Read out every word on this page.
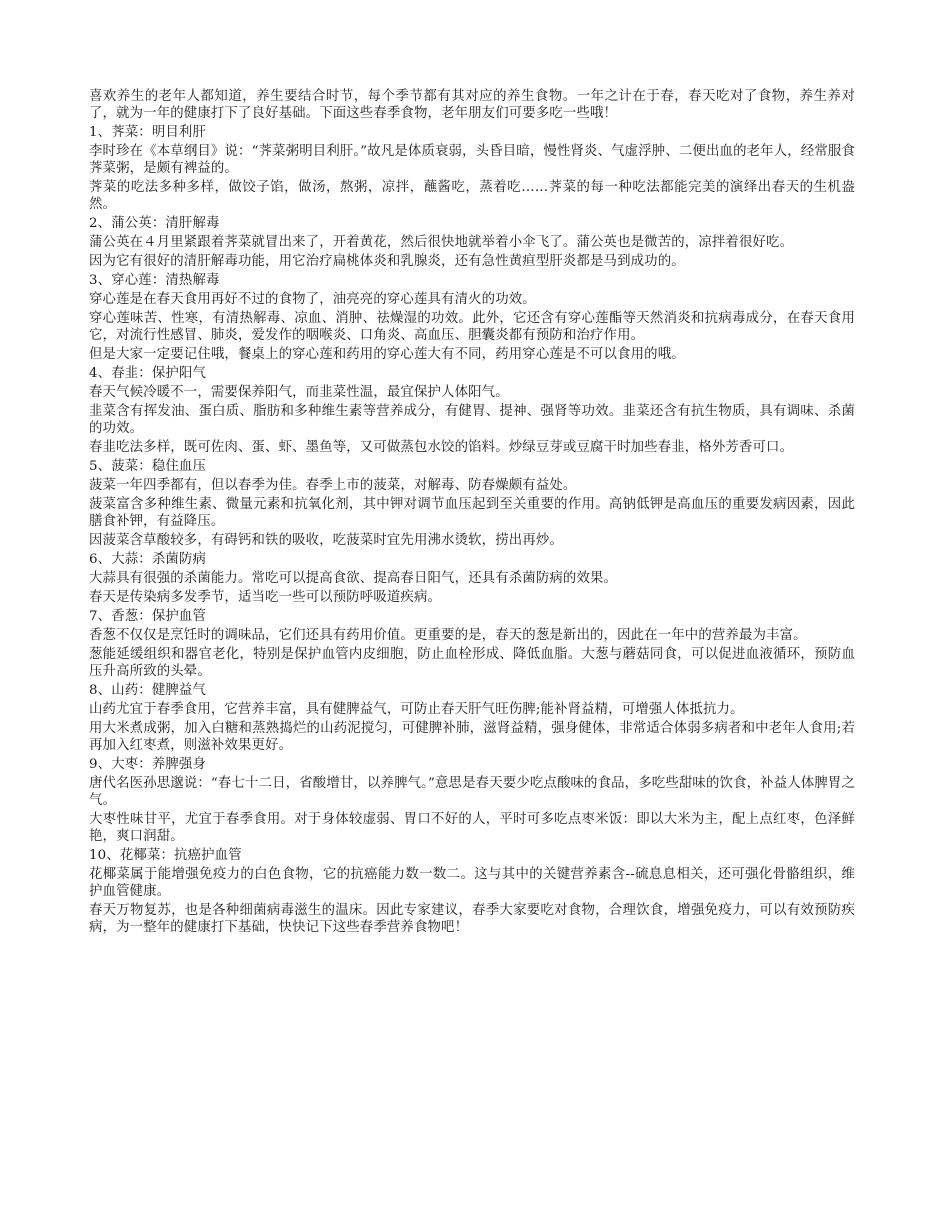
喜欢养生的老年人都知道，养生要结合时节，每个季节都有其对应的养生食物。一年之计在于春，春天吃对了食物，养生养对了，就为一年的健康打下了良好基础。下面这些春季食物，老年朋友们可要多吃一些哦！

1、荠菜：明目利肝

李时珍在《本草纲目》说：“荠菜粥明目利肝。”故凡是体质衰弱，头昏目暗，慢性肾炎、气虚浮肿、二便出血的老年人，经常服食荠菜粥，是颇有裨益的。

荠菜的吃法多种多样，做饺子馅，做汤，熬粥，凉拌，蘸酱吃，蒸着吃……荠菜的每一种吃法都能完美的演绎出春天的生机盎然。

2、蒲公英：清肝解毒

蒲公英在４月里紧跟着荠菜就冒出来了，开着黄花，然后很快地就举着小伞飞了。蒲公英也是微苦的，凉拌着很好吃。

因为它有很好的清肝解毒功能，用它治疗扁桃体炎和乳腺炎，还有急性黄疸型肝炎都是马到成功的。

3、穿心莲：清热解毒

穿心莲是在春天食用再好不过的食物了，油亮亮的穿心莲具有清火的功效。

穿心莲味苦、性寒，有清热解毒、凉血、消肿、祛燥湿的功效。此外，它还含有穿心莲酯等天然消炎和抗病毒成分，在春天食用它，对流行性感冒、肺炎，爱发作的咽喉炎、口角炎、高血压、胆囊炎都有预防和治疗作用。

但是大家一定要记住哦，餐桌上的穿心莲和药用的穿心莲大有不同，药用穿心莲是不可以食用的哦。

4、春韭：保护阳气

春天气候冷暖不一，需要保养阳气，而韭菜性温，最宜保护人体阳气。

韭菜含有挥发油、蛋白质、脂肪和多种维生素等营养成分，有健胃、提神、强肾等功效。韭菜还含有抗生物质，具有调味、杀菌的功效。

春韭吃法多样，既可佐肉、蛋、虾、墨鱼等，又可做蒸包水饺的馅料。炒绿豆芽或豆腐干时加些春韭，格外芳香可口。

5、菠菜：稳住血压

菠菜一年四季都有，但以春季为佳。春季上市的菠菜，对解毒、防春燥颇有益处。

菠菜富含多种维生素、微量元素和抗氧化剂，其中钾对调节血压起到至关重要的作用。高钠低钾是高血压的重要发病因素，因此膳食补钾，有益降压。

因菠菜含草酸较多，有碍钙和铁的吸收，吃菠菜时宜先用沸水烫软，捞出再炒。

6、大蒜：杀菌防病

大蒜具有很强的杀菌能力。常吃可以提高食欲、提高春日阳气，还具有杀菌防病的效果。

春天是传染病多发季节，适当吃一些可以预防呼吸道疾病。

7、香葱：保护血管

香葱不仅仅是烹饪时的调味品，它们还具有药用价值。更重要的是，春天的葱是新出的，因此在一年中的营养最为丰富。

葱能延缓组织和器官老化，特别是保护血管内皮细胞，防止血栓形成、降低血脂。大葱与蘑菇同食，可以促进血液循环，预防血压升高所致的头晕。

8、山药：健脾益气

山药尤宜于春季食用，它营养丰富，具有健脾益气，可防止春天肝气旺伤脾;能补肾益精，可增强人体抵抗力。

用大米煮成粥，加入白糖和蒸熟捣烂的山药泥搅匀，可健脾补肺，滋肾益精，强身健体，非常适合体弱多病者和中老年人食用;若再加入红枣煮，则滋补效果更好。

9、大枣：养脾强身

唐代名医孙思邈说：“春七十二日，省酸增甘，以养脾气。”意思是春天要少吃点酸味的食品，多吃些甜味的饮食，补益人体脾胃之气。

大枣性味甘平，尤宜于春季食用。对于身体较虚弱、胃口不好的人，平时可多吃点枣米饭：即以大米为主，配上点红枣，色泽鲜艳，爽口润甜。

10、花椰菜：抗癌护血管

花椰菜属于能增强免疫力的白色食物，它的抗癌能力数一数二。这与其中的关键营养素含--硫息息相关，还可强化骨骼组织，维护血管健康。

春天万物复苏，也是各种细菌病毒滋生的温床。因此专家建议，春季大家要吃对食物，合理饮食，增强免疫力，可以有效预防疾病，为一整年的健康打下基础，快快记下这些春季营养食物吧！
